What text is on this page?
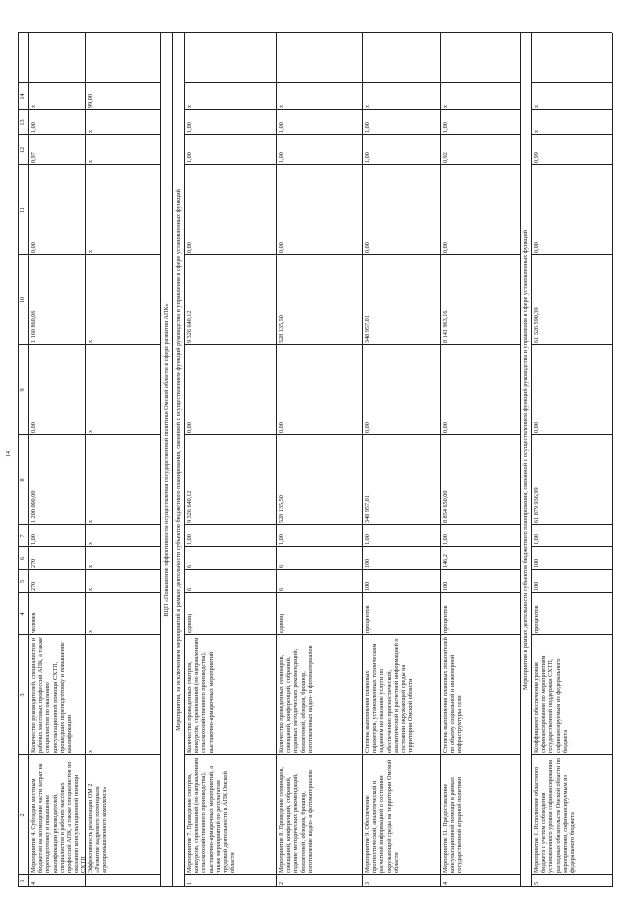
1
2
3
4
5
6
7
8
9
10
11
12
13
14
4
Мероприятие 4. Субсидии местным бюджетам на возмещение части затрат на переподготовку и повышение квалификации руководителей, специалистов и рабочих массовых профессий АПК, а также специалистов по оказанию консультационной помощи СХТП
Количество руководителей, специалистов и рабочих массовых профессий АПК, а также специалистов по оказанию консультационной помощи СХТП, прошедших переподготовку и повышение квалификации
человек
270
270
1,00
1 200 000,00
0,00
1 160 860,06
0,00
0,97
1,00
x
Эффективность реализации ОМ 2 «Развитие кадрового потенциала агропромышленного комплекса»
x
x
x
x
x
x
x
x
x
x
x
99,00
1
Мероприятие 7. Проведение смотров, конкурсов, соревнований (по направлениям сельскохозяйственного производства), выставочно-ярмарочных мероприятий, а также мероприятий по результатам трудовой деятельности в АПК Омской области
Количество проведенных смотров, конкурсов, соревнований (по направлениям сельскохозяйственного производства), выставочно-ярмарочных мероприятий
единиц
6
6
1,00
9 326 640,12
0,00
9 326 640,12
0,00
1,00
1,00
x
2
Мероприятие 8. Проведение семинаров, совещаний, конференций, собраний, издание методических рекомендаций, бюллетеней, обзоров, брошюр, изготовление видео- и фотоматериалов
Количество проведенных семинаров, совещаний, конференций, собраний, изданных методических рекомендаций, бюллетеней, обзоров, брошюр, изготовленных видео- и фотоматериалов
единиц
6
6
1,00
528 135,50
0,00
528 135,50
0,00
1,00
1,00
x
3
Мероприятие 9. Обеспечение прогностической, аналитической и расчетной информацией о состоянии окружающей среды на территории Омской области
Степень выполнения плановых параметров, установленных техническим заданием на оказание услуги по обеспечению прогностической, аналитической и расчетной информацией о состоянии окружающей среды на территории Омской области
процентов
100
100
1,00
348 957,01
0,00
348 957,01
0,00
1,00
1,00
x
4
Мероприятие 11. Предоставление консультационной помощи в рамках государственной аграрной политики
Степень выполнения плановых показателей по объему социальной и инженерной инфраструктуры сели
процентов
100
146,2
1,00
8 854 650,00
0,00
8 141 963,16
0,00
0,92
1,00
x
5
Мероприятие 1. Исполнение областного бюджета с учетом соблюдения установленного уровня софинансирования расходных обязательств Омской области по мероприятиям, софинансируемым из федерального бюджета
Коэффициент обеспечения уровня софинансирования по мероприятиям государственной поддержки СХТП, софинансируемым из федерального бюджета
процентов
100
100
1,00
61 879 936,99
0,00
61 326 590,39
0,00
0,99
x
x
ВЦП «Повышение эффективности осуществления государственной политики Омской области в сфере развития АПК» Мероприятия, за исключением мероприятий в рамках деятельности субъектов бюджетного планирования, связанной с осуществлением функций руководства и управления в сфере установленных функций	Мероприятия в рамках деятельности субъектов бюджетного планирования, связанной с осуществлением функций руководства и управления в сфере установленных функций
14
